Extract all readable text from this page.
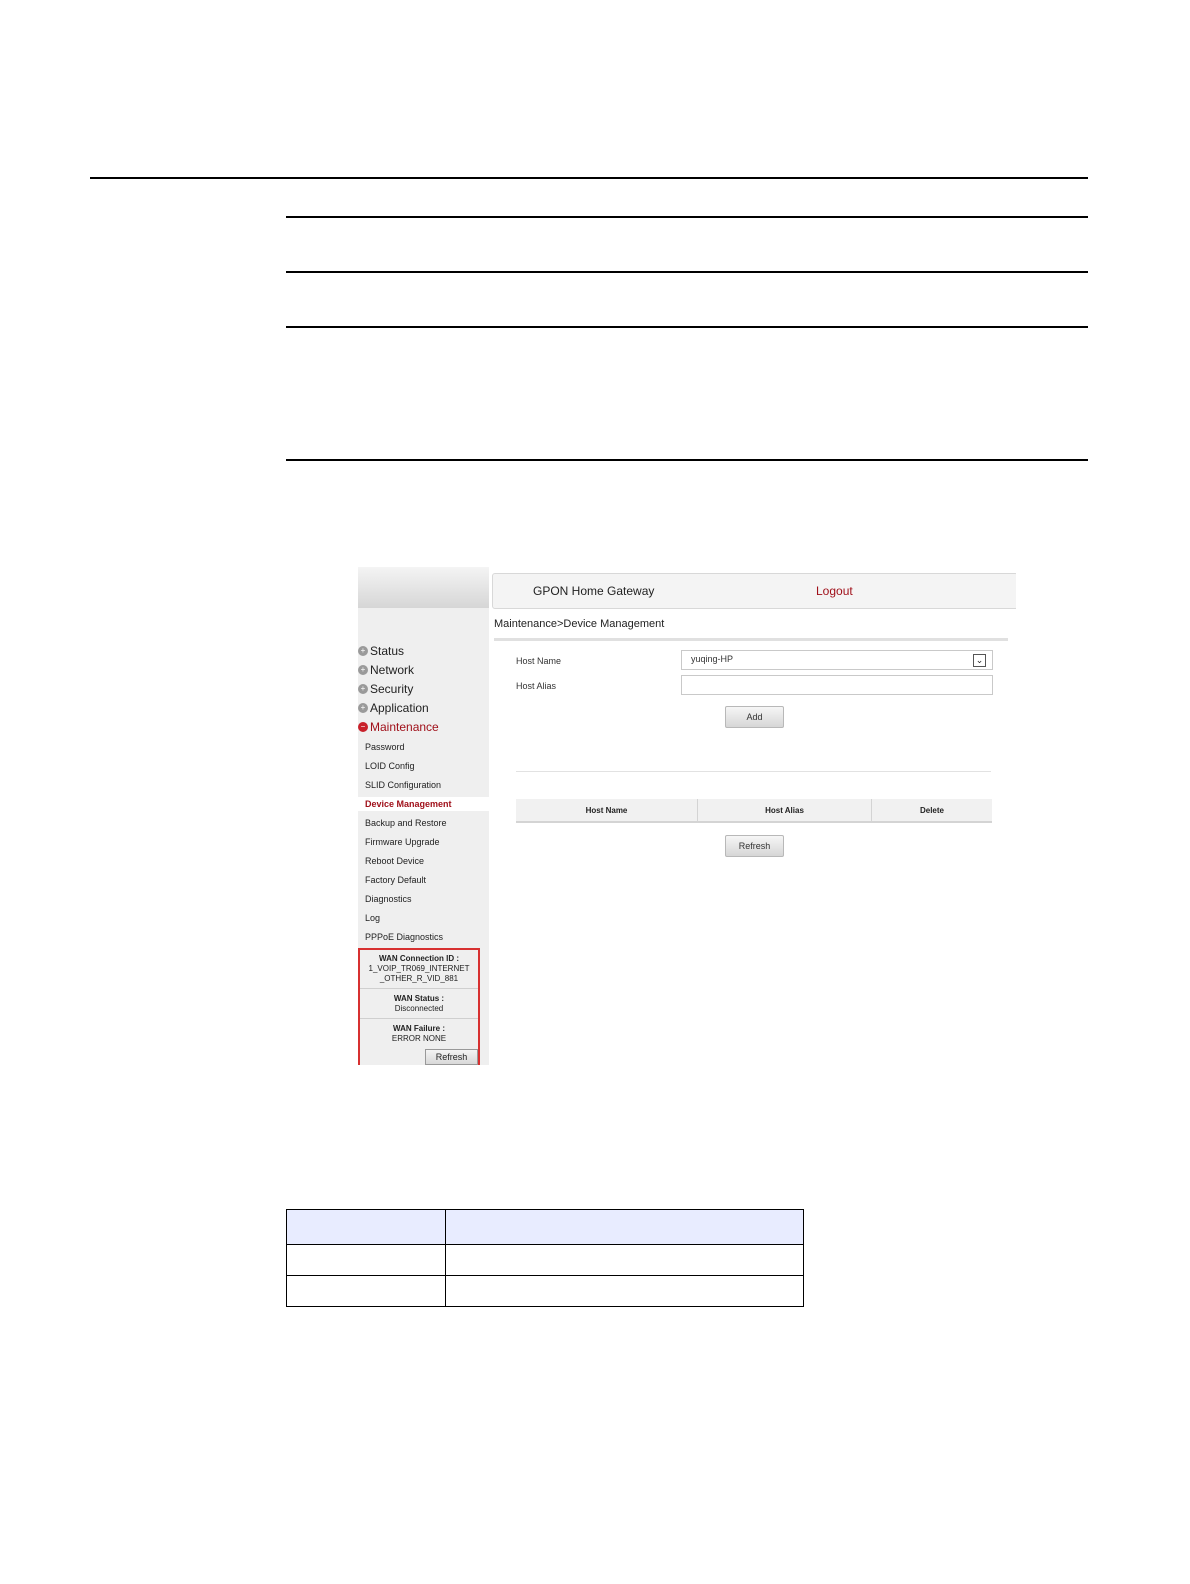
+ Status
+ Network
+ Security
+ Application
− Maintenance
Password
LOID Config
SLID Configuration
Device Management
Backup and Restore
Firmware Upgrade
Reboot Device
Factory Default
Diagnostics
Log
PPPoE Diagnostics
WAN Connection ID :
1_VOIP_TR069_INTERNET _OTHER_R_VID_881
WAN Status :
Disconnected
WAN Failure :
ERROR NONE
Refresh
GPON Home Gateway	Logout
Maintenance>Device Management
Host Name	yuqing-HP	⌄
Host Alias
Add
Host Name	Host Alias	Delete
Refresh
